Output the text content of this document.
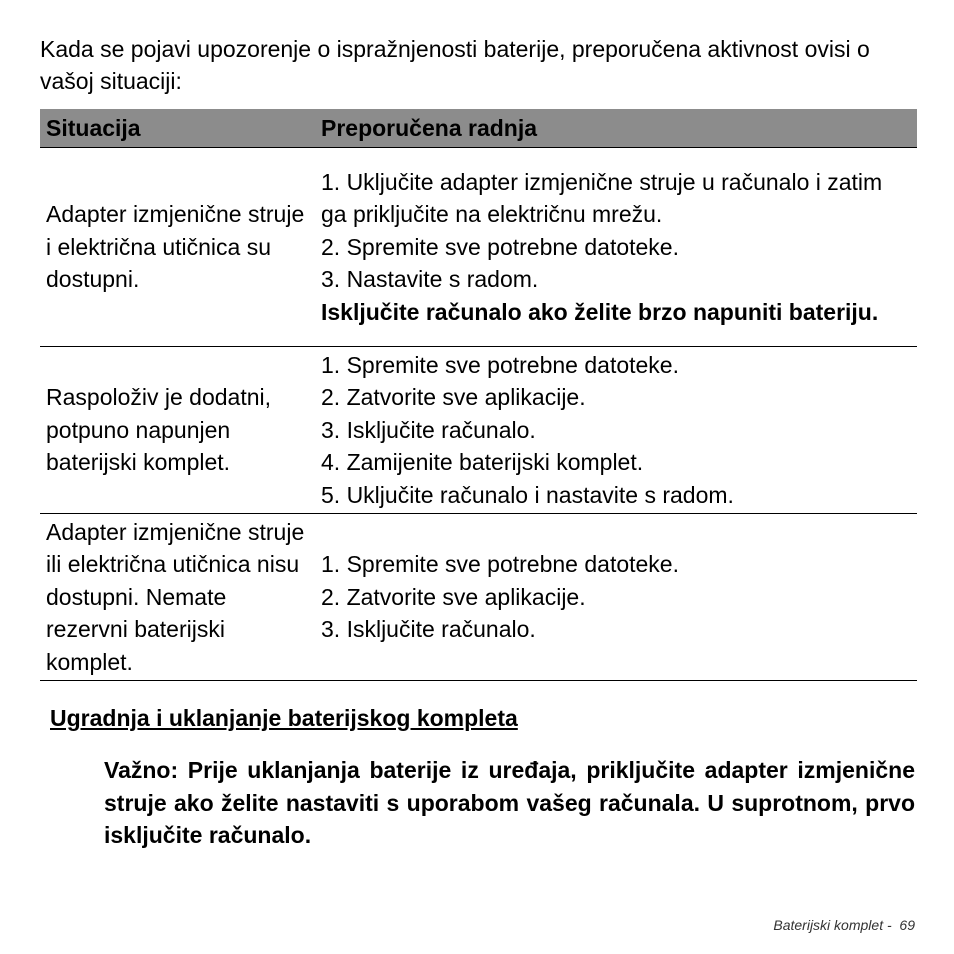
Kada se pojavi upozorenje o ispražnjenosti baterije, preporučena aktivnost ovisi o vašoj situaciji:

Situacija	Preporučena radnja
Adapter izmjenične struje i električna utičnica su dostupni.	1. Uključite adapter izmjenične struje u računalo i zatim ga priključite na električnu mrežu.
2. Spremite sve potrebne datoteke.
3. Nastavite s radom.
Isključite računalo ako želite brzo napuniti bateriju.

Raspoloživ je dodatni, potpuno napunjen baterijski komplet.	1. Spremite sve potrebne datoteke.
2. Zatvorite sve aplikacije.
3. Isključite računalo.
4. Zamijenite baterijski komplet.
5. Uključite računalo i nastavite s radom.

Adapter izmjenične struje ili električna utičnica nisu dostupni. Nemate rezervni baterijski komplet.	1. Spremite sve potrebne datoteke.
2. Zatvorite sve aplikacije.
3. Isključite računalo.
Ugradnja i uklanjanje baterijskog kompleta

Važno: Prije uklanjanja baterije iz uređaja, priključite adapter izmjenične struje ako želite nastaviti s uporabom vašeg računala. U suprotnom, prvo isključite računalo.

Baterijski komplet - 69
